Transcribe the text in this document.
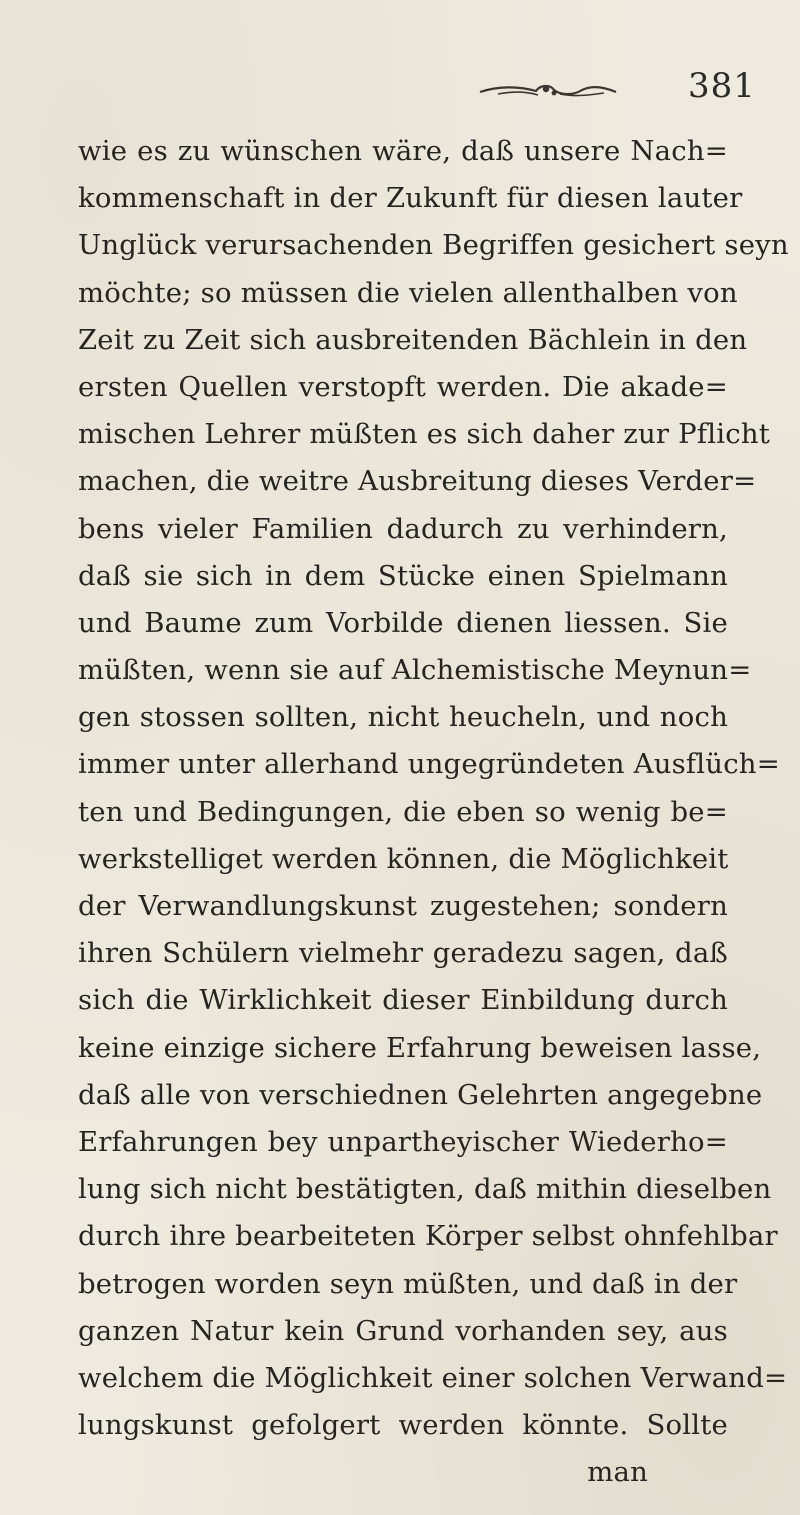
381
wie es zu wünschen wäre, daß unsere Nach=
kommenschaft in der Zukunft für diesen lauter
Unglück verursachenden Begriffen gesichert seyn
möchte; so müssen die vielen allenthalben von
Zeit zu Zeit sich ausbreitenden Bächlein in den
ersten Quellen verstopft werden. Die akade=
mischen Lehrer müßten es sich daher zur Pflicht
machen, die weitre Ausbreitung dieses Verder=
bens vieler Familien dadurch zu verhindern,
daß sie sich in dem Stücke einen Spielmann
und Baume zum Vorbilde dienen liessen. Sie
müßten, wenn sie auf Alchemistische Meynun=
gen stossen sollten, nicht heucheln, und noch
immer unter allerhand ungegründeten Ausflüch=
ten und Bedingungen, die eben so wenig be=
werkstelliget werden können, die Möglichkeit
der Verwandlungskunst zugestehen; sondern
ihren Schülern vielmehr geradezu sagen, daß
sich die Wirklichkeit dieser Einbildung durch
keine einzige sichere Erfahrung beweisen lasse,
daß alle von verschiednen Gelehrten angegebne
Erfahrungen bey unpartheyischer Wiederho=
lung sich nicht bestätigten, daß mithin dieselben
durch ihre bearbeiteten Körper selbst ohnfehlbar
betrogen worden seyn müßten, und daß in der
ganzen Natur kein Grund vorhanden sey, aus
welchem die Möglichkeit einer solchen Verwand=
lungskunst gefolgert werden könnte. Sollte
man
